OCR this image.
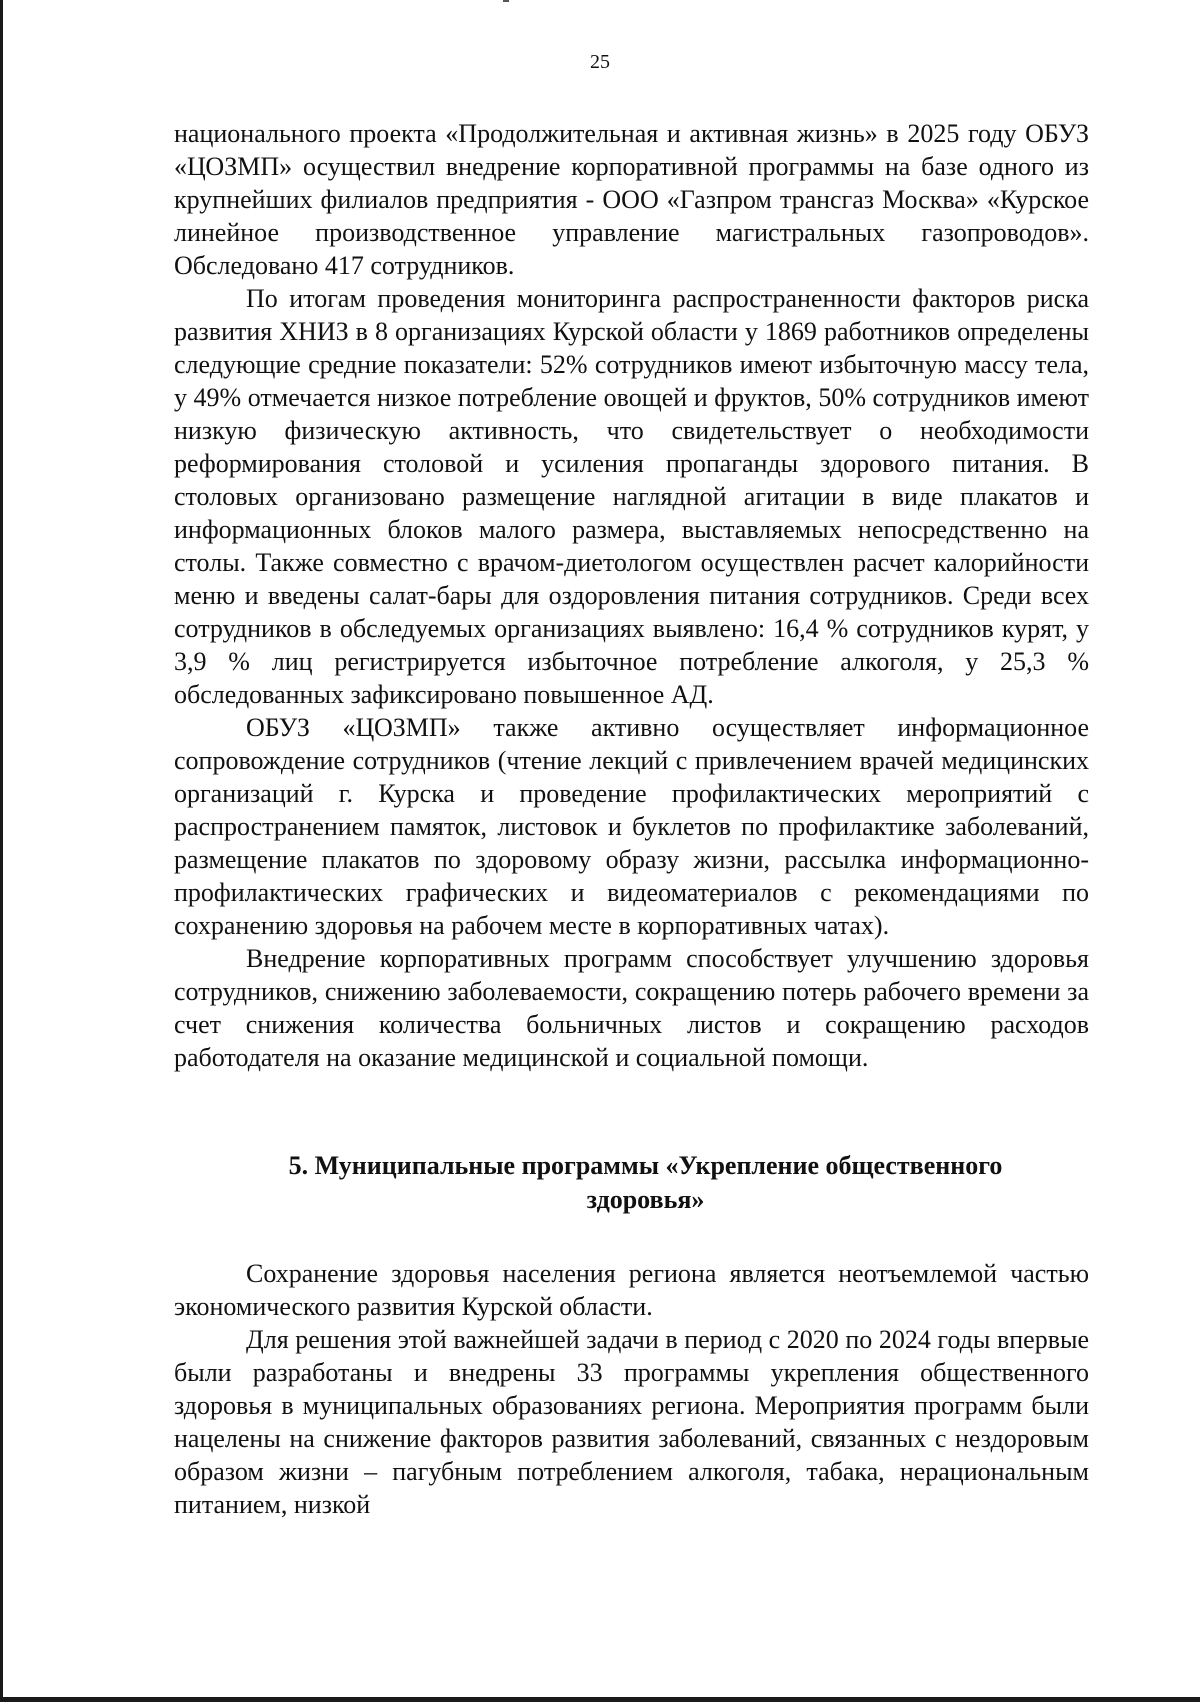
25

национального проекта «Продолжительная и активная жизнь» в 2025 году ОБУЗ «ЦОЗМП» осуществил внедрение корпоративной программы на базе одного из крупнейших филиалов предприятия - ООО «Газпром трансгаз Москва» «Курское линейное производственное управление магистральных газопроводов». Обследовано 417 сотрудников.

По итогам проведения мониторинга распространенности факторов риска развития ХНИЗ в 8 организациях Курской области у 1869 работников определены следующие средние показатели: 52% сотрудников имеют избыточную массу тела, у 49% отмечается низкое потребление овощей и фруктов, 50% сотрудников имеют низкую физическую активность, что свидетельствует о необходимости реформирования столовой и усиления пропаганды здорового питания. В столовых организовано размещение наглядной агитации в виде плакатов и информационных блоков малого размера, выставляемых непосредственно на столы. Также совместно с врачом-диетологом осуществлен расчет калорийности меню и введены салат-бары для оздоровления питания сотрудников. Среди всех сотрудников в обследуемых организациях выявлено: 16,4 % сотрудников курят, у 3,9 % лиц регистрируется избыточное потребление алкоголя, у 25,3 % обследованных зафиксировано повышенное АД.

ОБУЗ «ЦОЗМП» также активно осуществляет информационное сопровождение сотрудников (чтение лекций с привлечением врачей медицинских организаций г. Курска и проведение профилактических мероприятий с распространением памяток, листовок и буклетов по профилактике заболеваний, размещение плакатов по здоровому образу жизни, рассылка информационно-профилактических графических и видеоматериалов с рекомендациями по сохранению здоровья на рабочем месте в корпоративных чатах).

Внедрение корпоративных программ способствует улучшению здоровья сотрудников, снижению заболеваемости, сокращению потерь рабочего времени за счет снижения количества больничных листов и сокращению расходов работодателя на оказание медицинской и социальной помощи.

5. Муниципальные программы «Укрепление общественного
здоровья»

Сохранение здоровья населения региона является неотъемлемой частью экономического развития Курской области.

Для решения этой важнейшей задачи в период с 2020 по 2024 годы впервые были разработаны и внедрены 33 программы укрепления общественного здоровья в муниципальных образованиях региона. Мероприятия программ были нацелены на снижение факторов развития заболеваний, связанных с нездоровым образом жизни – пагубным потреблением алкоголя, табака, нерациональным питанием, низкой
